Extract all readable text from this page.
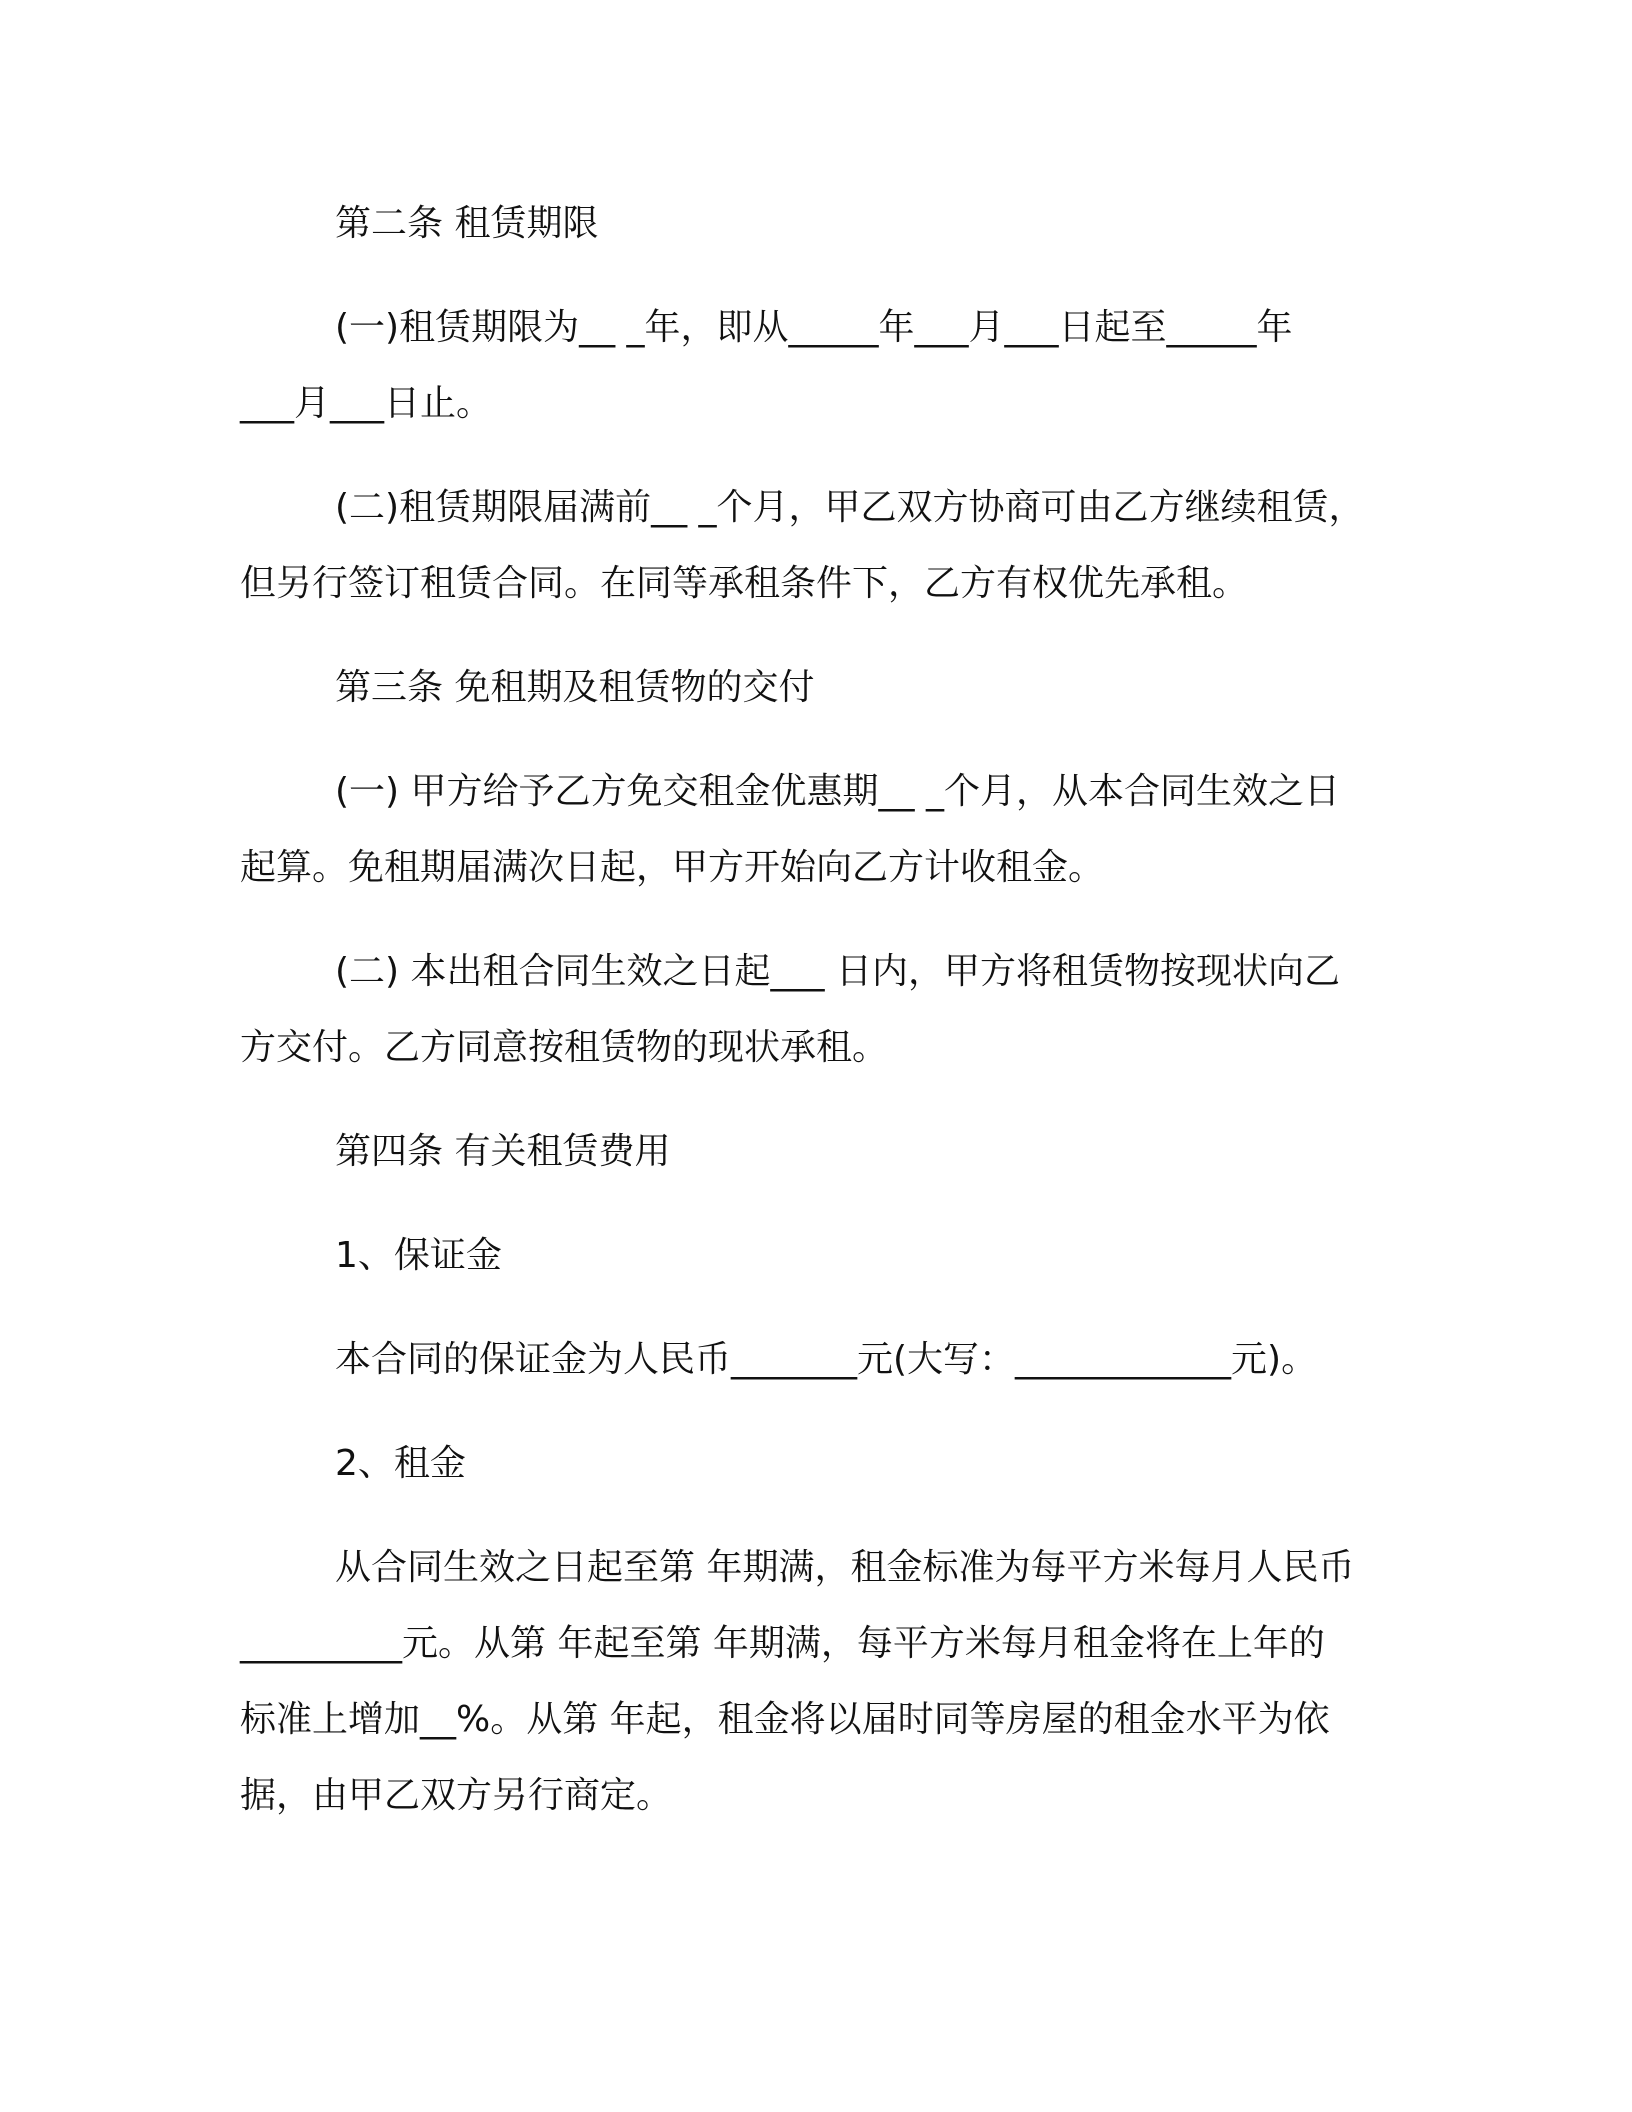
第二条 租赁期限

(一)租赁期限为__ _年，即从_____年___月___日起至_____年

___月___日止。

(二)租赁期限届满前__ _个月，甲乙双方协商可由乙方继续租赁，

但另行签订租赁合同。在同等承租条件下，乙方有权优先承租。

第三条 免租期及租赁物的交付

(一) 甲方给予乙方免交租金优惠期__ _个月，从本合同生效之日

起算。免租期届满次日起，甲方开始向乙方计收租金。

(二) 本出租合同生效之日起___ 日内，甲方将租赁物按现状向乙

方交付。乙方同意按租赁物的现状承租。

第四条 有关租赁费用

1、保证金

本合同的保证金为人民币_______元(大写：____________元)。

2、租金

从合同生效之日起至第 年期满，租金标准为每平方米每月人民币

_________元。从第 年起至第 年期满，每平方米每月租金将在上年的

标准上增加__%。从第 年起，租金将以届时同等房屋的租金水平为依

据，由甲乙双方另行商定。
